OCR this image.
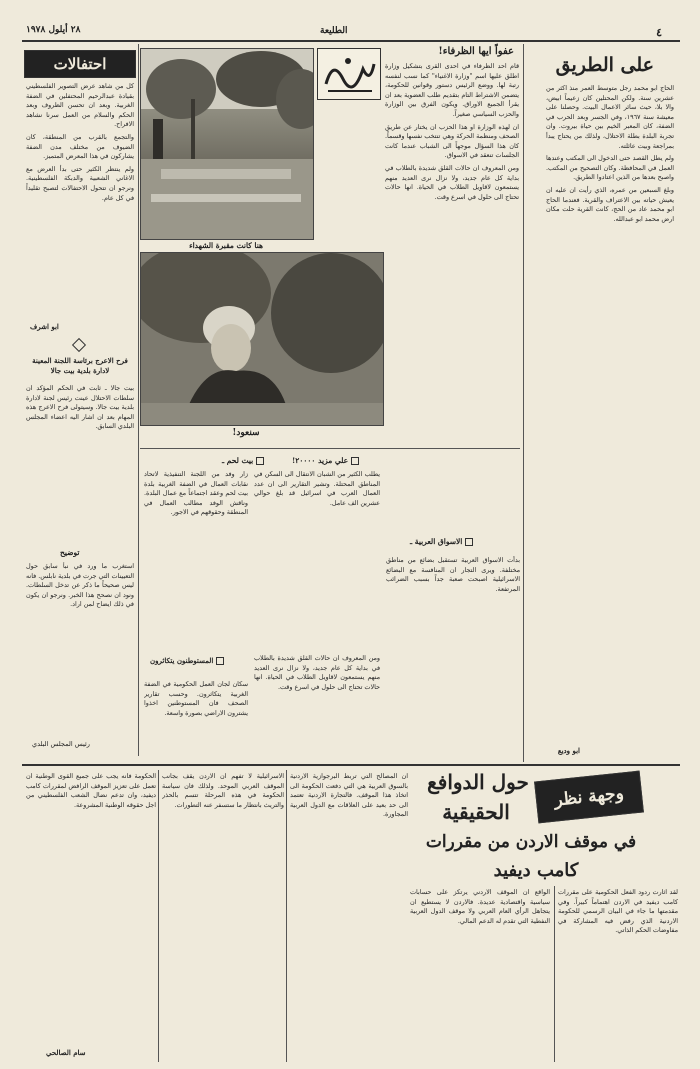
٤
الطليعة
٢٨ أيلول ١٩٧٨
على الطريق

الحاج ابو محمد رجل متوسط العمر منذ اكثر من عشرين سنة. ولكن المحتلين كان زعيماً ابيض، والا بلا، حيث سائر الاعمال البيت. وحصلنا على معيشة سنة ١٩٦٧، وفي الجسر وبعد الحرب في الضفة، كان المعبر الخيم بين حياة بيروت. وان تجربة البلدة بطلة الاحتلال، ولذلك من يحتاج يبدأ بمراجعة وبيت عائلته.

ولم يطل القصد حتى الدخول الى المكتب وعندها العمل في المحافظة. وكان التصحيح من المكتب. واصبح بعدها من الذين اعتادوا الطريق.

وبلغ السبعين من عمره، الذي رأيت ان عليه ان يعيش حياته بين الاعتراف والقرية. فعندما الحاج ابو محمد عاد من الحج، كانت القرية حلت مكان ارض محمد ابو عبدالله.

ابو وديع
عفواً ايها الظرفاء!

قام احد الظرفاء في احدى القرى بتشكيل وزارة اطلق عليها اسم "وزارة الاغنياء" كما نسب لنفسه رتبة لها. ووضع الرئيس دستور وقوانين للحكومة، يتضمن الاشتراط التام بتقديم طلب العضوية بعد ان يقرأ الجميع الاوراق. ويكون الفرق بين الوزارة والحزب السياسي صغيراً.

ان لهذه الوزارة او هذا الحزب ان يختار عن طريق الصحف ومنظمة الحركة وهي تنتخب نفسها وقسماً. كان هذا السؤال موجهاً الى الشباب عندما كانت الجلسات تنعقد في الاسواق.

ومن المعروف ان حالات القلق شديدة بالطلاب في بداية كل عام جديد، ولا نزال نرى العديد منهم يستمعون لاقاويل الطلاب في الحياة. انها حالات تحتاج الى حلول في اسرع وقت.

هنا كانت مقبرة الشهداء
سنعود!
احتفالات

كل من شاهد عرض التصوير الفلسطيني بقيادة عبدالرحيم المحتفلين في الضفة الغربية. وبعد ان تحسن الظروف وبعد الحكم والسلام من العمل سرنا نشاهد الافراح.

والتجمع بالقرب من المنطقة، كان الضيوف من مختلف مدن الضفة يشاركون في هذا المعرض المتميز.

ولم ينتظر الكثير حتى بدأ العرض مع الاغاني الشعبية والدبكة الفلسطينية. ونرجو ان تتحول الاحتفالات لتصبح تقليداً في كل عام.

ابو اشرف
فرح الاعرج برئاسة اللجنة المعينة لادارة بلدية بيت جالا
بيت جالا ـ ثابت في الحكم المؤكد ان سلطات الاحتلال عينت رئيس لجنة لادارة بلدية بيت جالا. وسيتولى فرح الاعرج هذه المهام بعد ان اشار اليه اعضاء المجلس البلدي السابق.
توضيح
استغرب ما ورد في نبأ سابق حول التعيينات التي جرت في بلدية نابلس. فانه ليس صحيحاً ما ذكر عن تدخل السلطات. ونود ان نصحح هذا الخبر. ونرجو ان يكون في ذلك ايضاح لمن اراد.
رئيس المجلس البلدي
بيت لحم ـ
زار وفد من اللجنة التنفيذية لاتحاد نقابات العمال في الضفة الغربية بلدة بيت لحم وعقد اجتماعاً مع عمال البلدة. وناقش الوفد مطالب العمال في المنطقة وحقوقهم في الاجور.
علي مزيد ٢٠٠٠٠!
يطلب الكثير من الشبان الانتقال الى السكن في المناطق المحتلة. وتشير التقارير الى ان عدد العمال العرب في اسرائيل قد بلغ حوالي عشرين الف عامل.
المستوطنون يتكاثرون
سكان لجان العمل الحكومية في الضفة الغربية يتكاثرون. وحسب تقارير الصحف فان المستوطنين اخذوا يشترون الاراضي بصورة واسعة.
الاسواق العربية ـ
بدأت الاسواق العربية تستقبل بضائع من مناطق مختلفة. ويرى التجار ان المنافسة مع البضائع الاسرائيلية اصبحت صعبة جداً بسبب الضرائب المرتفعة.
ومن المعروف ان حالات القلق شديدة بالطلاب في بداية كل عام جديد، ولا نزال نرى العديد منهم يستمعون لاقاويل الطلاب في الحياة. انها حالات تحتاج الى حلول في اسرع وقت.
وجهة نظر
حول الدوافع
الحقيقية
في موقف الاردن من مقررات
كامب ديفيد
لقد اثارت ردود الفعل الحكومية على مقررات كامب ديفيد في الاردن اهتماماً كبيراً. وفي مقدمتها ما جاء في البيان الرسمي للحكومة الاردنية الذي رفض فيه المشاركة في مفاوضات الحكم الذاتي.
الواقع ان الموقف الاردني يرتكز على حسابات سياسية واقتصادية عديدة. فالاردن لا يستطيع ان يتجاهل الرأي العام العربي ولا موقف الدول العربية النفطية التي تقدم له الدعم المالي.
ان المصالح التي تربط البرجوازية الاردنية بالسوق العربية هي التي دفعت الحكومة الى اتخاذ هذا الموقف. فالتجارة الاردنية تعتمد الى حد بعيد على العلاقات مع الدول العربية المجاورة.
الاسرائيلية لا تفهم ان الاردن يقف بجانب الموقف العربي الموحد. ولذلك فان سياسة الحكومة في هذه المرحلة تتسم بالحذر والتريث بانتظار ما ستسفر عنه التطورات.
الحكومة فانه يجب على جميع القوى الوطنية ان تعمل على تعزيز الموقف الرافض لمقررات كامب ديفيد، وان تدعم نضال الشعب الفلسطيني من اجل حقوقه الوطنية المشروعة.
سام الصالحي
